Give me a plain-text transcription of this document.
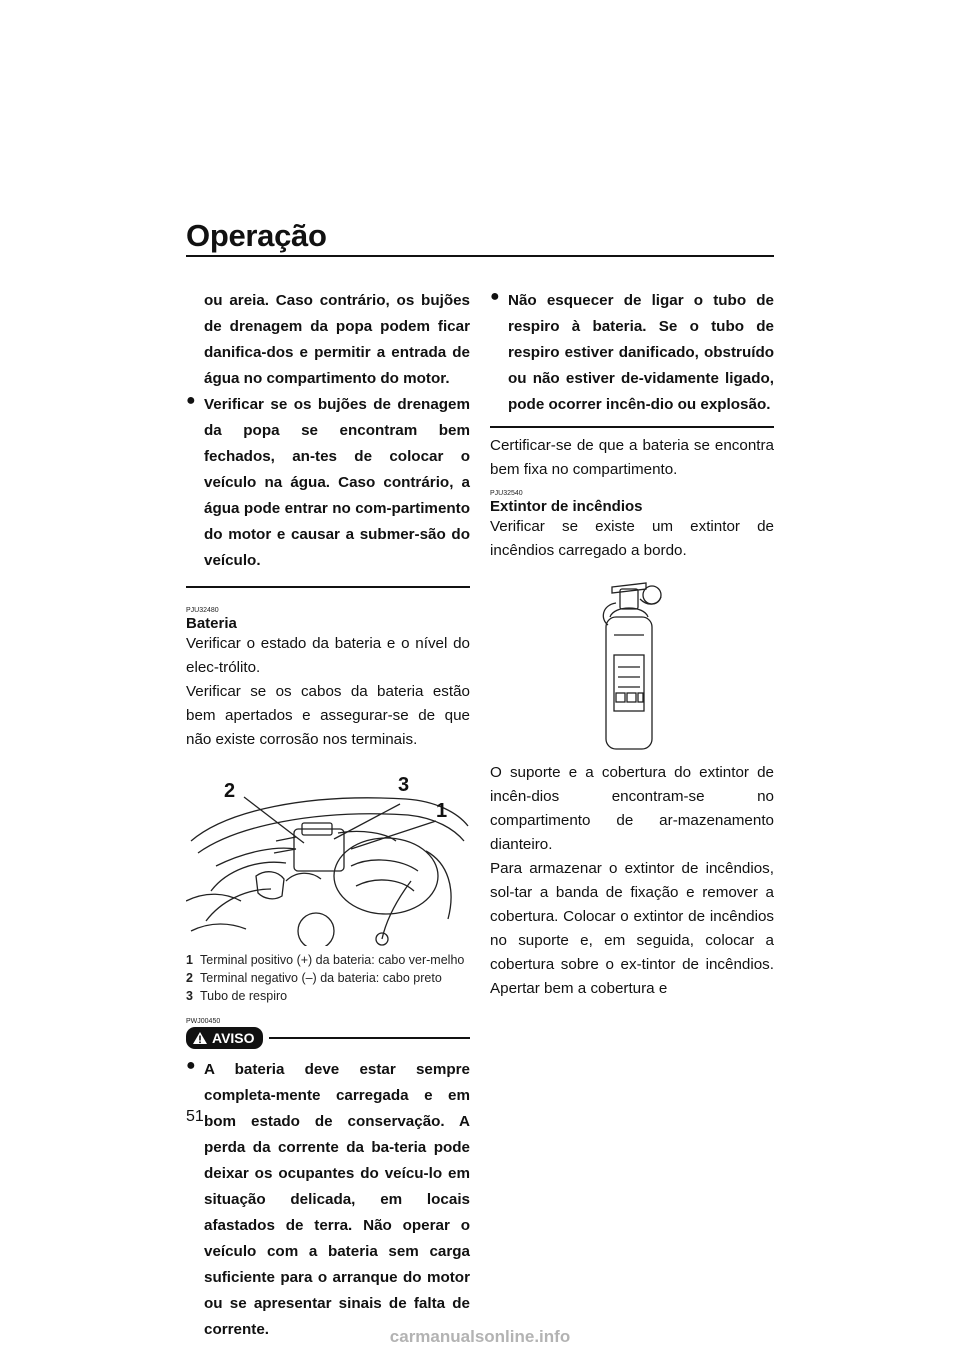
Operação

ou areia. Caso contrário, os bujões de drenagem da popa podem ficar danifica-dos e permitir a entrada de água no compartimento do motor.

● Verificar se os bujões de drenagem da popa se encontram bem fechados, an-tes de colocar o veículo na água. Caso contrário, a água pode entrar no com-partimento do motor e causar a submer-são do veículo.

PJU32480

Bateria

Verificar o estado da bateria e o nível do elec-trólito.

Verificar se os cabos da bateria estão bem apertados e assegurar-se de que não existe corrosão nos terminais.

2	3
1

1 Terminal positivo (+) da bateria: cabo ver-melho

2 Terminal negativo (–) da bateria: cabo preto

3 Tubo de respiro

PWJ00450

AVISO
● A bateria deve estar sempre completa-mente carregada e em bom estado de conservação. A perda da corrente da ba-teria pode deixar os ocupantes do veícu-lo em situação delicada, em locais afastados de terra. Não operar o veículo com a bateria sem carga suficiente para o arranque do motor ou se apresentar sinais de falta de corrente.

● Não esquecer de ligar o tubo de respiro à bateria. Se o tubo de respiro estiver danificado, obstruído ou não estiver de-vidamente ligado, pode ocorrer incên-dio ou explosão.

Certificar-se de que a bateria se encontra bem fixa no compartimento.

PJU32540

Extintor de incêndios

Verificar se existe um extintor de incêndios carregado a bordo.

O suporte e a cobertura do extintor de incên-dios encontram-se no compartimento de ar-mazenamento dianteiro.

Para armazenar o extintor de incêndios, sol-tar a banda de fixação e remover a cobertura. Colocar o extintor de incêndios no suporte e, em seguida, colocar a cobertura sobre o ex-tintor de incêndios. Apertar bem a cobertura e

51
carmanualsonline.info
